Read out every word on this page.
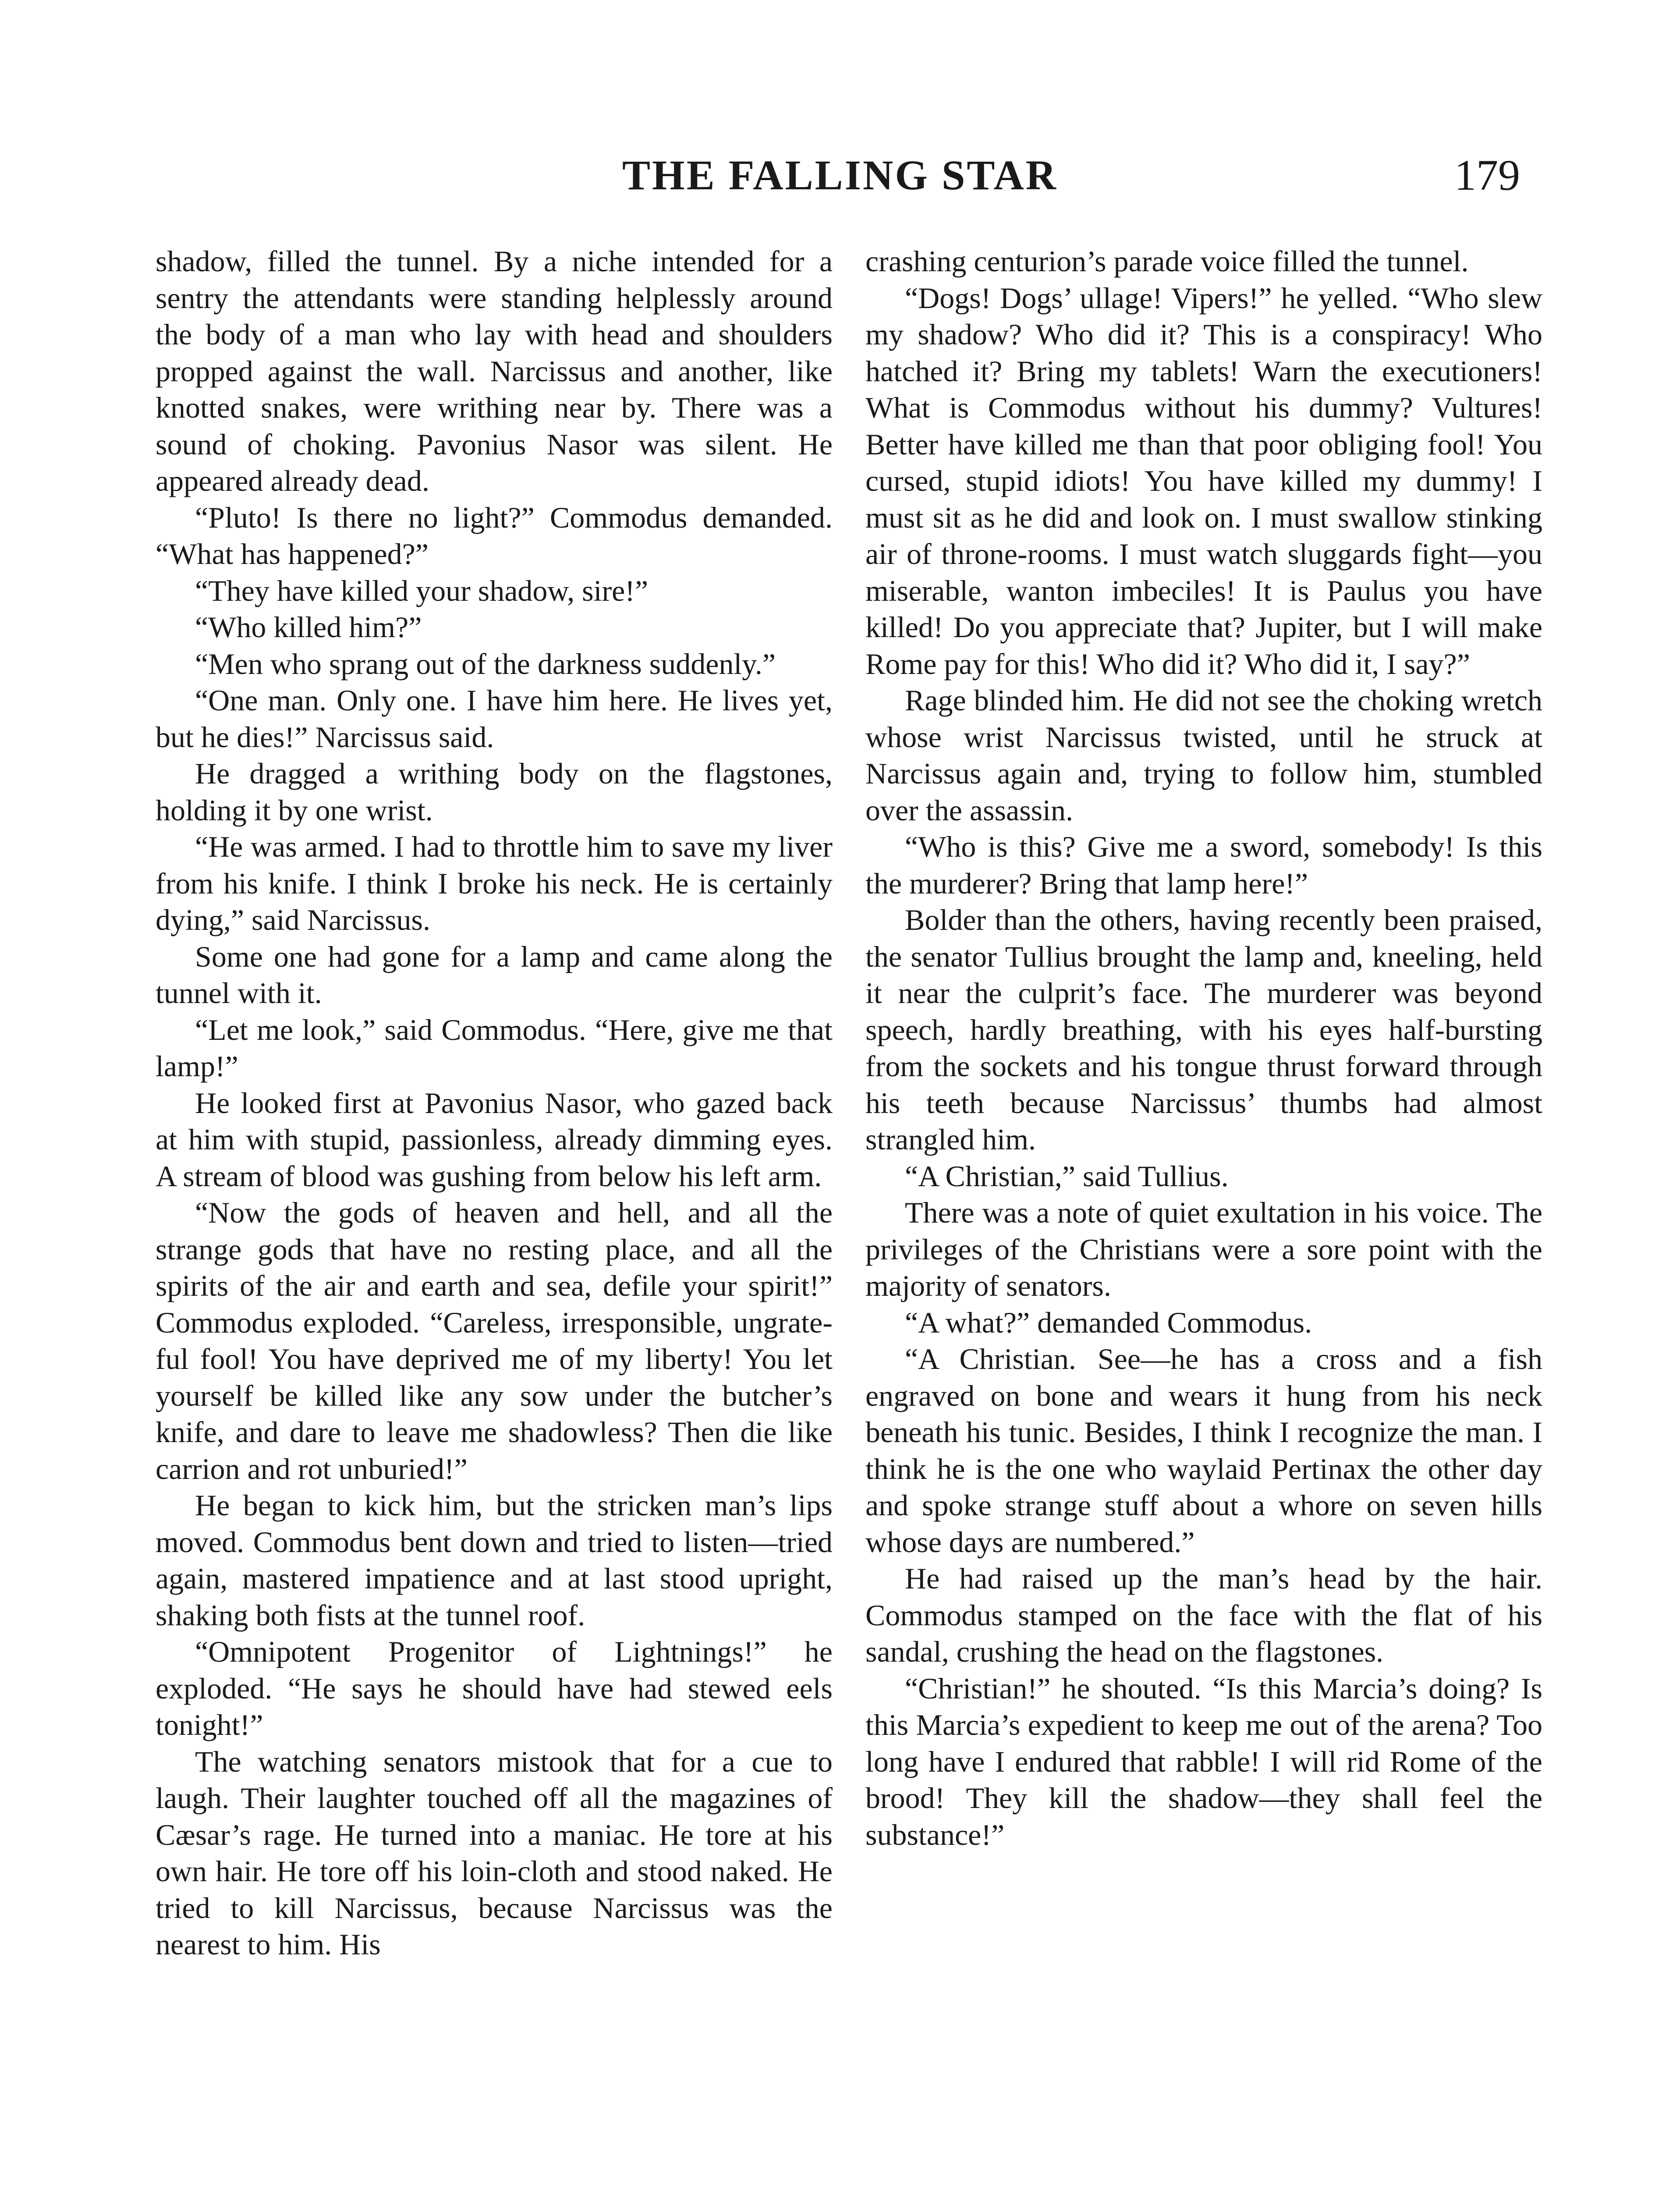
THE FALLING STAR	179

shadow, filled the tunnel. By a niche intended for a sentry the attendants were standing helplessly around the body of a man who lay with head and shoulders propped against the wall. Narcissus and another, like knotted snakes, were writhing near by. There was a sound of choking. Pavonius Nasor was silent. He appeared already dead.

“Pluto! Is there no light?” Commodus demanded. “What has happened?”

“They have killed your shadow, sire!”

“Who killed him?”

“Men who sprang out of the darkness suddenly.”

“One man. Only one. I have him here. He lives yet, but he dies!” Narcissus said.

He dragged a writhing body on the flagstones, holding it by one wrist.

“He was armed. I had to throttle him to save my liver from his knife. I think I broke his neck. He is certainly dying,” said Narcissus.

Some one had gone for a lamp and came along the tunnel with it.

“Let me look,” said Commodus. “Here, give me that lamp!”

He looked first at Pavonius Nasor, who gazed back at him with stupid, passionless, already dimming eyes. A stream of blood was gushing from below his left arm.

“Now the gods of heaven and hell, and all the strange gods that have no resting place, and all the spirits of the air and earth and sea, defile your spirit!” Commodus exploded. “Careless, irresponsible, ungrateful fool! You have deprived me of my liberty! You let yourself be killed like any sow under the butcher’s knife, and dare to leave me shadowless? Then die like carrion and rot unburied!”

He began to kick him, but the stricken man’s lips moved. Commodus bent down and tried to listen—tried again, mastered impatience and at last stood upright, shaking both fists at the tunnel roof.

“Omnipotent Progenitor of Lightnings!” he exploded. “He says he should have had stewed eels tonight!”

The watching senators mistook that for a cue to laugh. Their laughter touched off all the magazines of Cæsar’s rage. He turned into a maniac. He tore at his own hair. He tore off his loin-cloth and stood naked. He tried to kill Narcissus, because Narcissus was the nearest to him. His

crashing centurion’s parade voice filled the tunnel.

“Dogs! Dogs’ ullage! Vipers!” he yelled. “Who slew my shadow? Who did it? This is a conspiracy! Who hatched it? Bring my tablets! Warn the executioners! What is Commodus without his dummy? Vultures! Better have killed me than that poor obliging fool! You cursed, stupid idiots! You have killed my dummy! I must sit as he did and look on. I must swallow stinking air of throne-rooms. I must watch sluggards fight—you miserable, wanton imbeciles! It is Paulus you have killed! Do you appreciate that? Jupiter, but I will make Rome pay for this! Who did it? Who did it, I say?”

Rage blinded him. He did not see the choking wretch whose wrist Narcissus twisted, until he struck at Narcissus again and, trying to follow him, stumbled over the assassin.

“Who is this? Give me a sword, somebody! Is this the murderer? Bring that lamp here!”

Bolder than the others, having recently been praised, the senator Tullius brought the lamp and, kneeling, held it near the culprit’s face. The murderer was beyond speech, hardly breathing, with his eyes half-bursting from the sockets and his tongue thrust forward through his teeth because Narcissus’ thumbs had almost strangled him.

“A Christian,” said Tullius.

There was a note of quiet exultation in his voice. The privileges of the Christians were a sore point with the majority of senators.

“A what?” demanded Commodus.

“A Christian. See—he has a cross and a fish engraved on bone and wears it hung from his neck beneath his tunic. Besides, I think I recognize the man. I think he is the one who waylaid Pertinax the other day and spoke strange stuff about a whore on seven hills whose days are numbered.”

He had raised up the man’s head by the hair. Commodus stamped on the face with the flat of his sandal, crushing the head on the flagstones.

“Christian!” he shouted. “Is this Marcia’s doing? Is this Marcia’s expedient to keep me out of the arena? Too long have I endured that rabble! I will rid Rome of the brood! They kill the shadow—they shall feel the substance!”
